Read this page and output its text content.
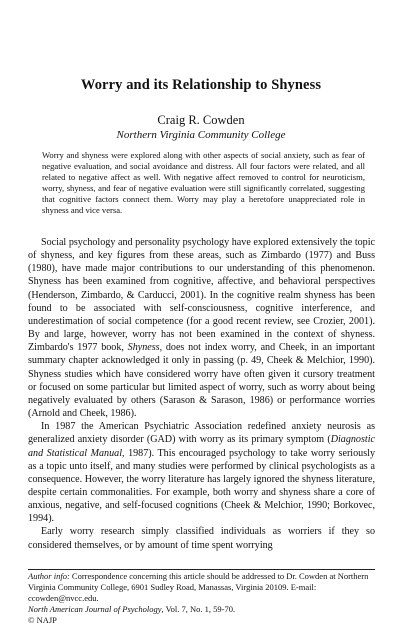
Worry and its Relationship to Shyness
Craig R. Cowden
Northern Virginia Community College

Worry and shyness were explored along with other aspects of social anxiety, such as fear of negative evaluation, and social avoidance and distress. All four factors were related, and all related to negative affect as well. With negative affect removed to control for neuroticism, worry, shyness, and fear of negative evaluation were still significantly correlated, suggesting that cognitive factors connect them. Worry may play a heretofore unappreciated role in shyness and vice versa.

Social psychology and personality psychology have explored extensively the topic of shyness, and key figures from these areas, such as Zimbardo (1977) and Buss (1980), have made major contributions to our understanding of this phenomenon. Shyness has been examined from cognitive, affective, and behavioral perspectives (Henderson, Zimbardo, & Carducci, 2001). In the cognitive realm shyness has been found to be associated with self-consciousness, cognitive interference, and underestimation of social competence (for a good recent review, see Crozier, 2001). By and large, however, worry has not been examined in the context of shyness. Zimbardo's 1977 book, Shyness, does not index worry, and Cheek, in an important summary chapter acknowledged it only in passing (p. 49, Cheek & Melchior, 1990). Shyness studies which have considered worry have often given it cursory treatment or focused on some particular but limited aspect of worry, such as worry about being negatively evaluated by others (Sarason & Sarason, 1986) or performance worries (Arnold and Cheek, 1986).

In 1987 the American Psychiatric Association redefined anxiety neurosis as generalized anxiety disorder (GAD) with worry as its primary symptom (Diagnostic and Statistical Manual, 1987). This encouraged psychology to take worry seriously as a topic unto itself, and many studies were performed by clinical psychologists as a consequence. However, the worry literature has largely ignored the shyness literature, despite certain commonalities. For example, both worry and shyness share a core of anxious, negative, and self-focused cognitions (Cheek & Melchior, 1990; Borkovec, 1994).

Early worry research simply classified individuals as worriers if they so considered themselves, or by amount of time spent worrying

Author info: Correspondence concerning this article should be addressed to Dr. Cowden at Northern Virginia Community College, 6901 Sudley Road, Manassas, Virginia 20109. E-mail: ccowden@nvcc.edu.
North American Journal of Psychology, Vol. 7, No. 1, 59-70.
© NAJP
